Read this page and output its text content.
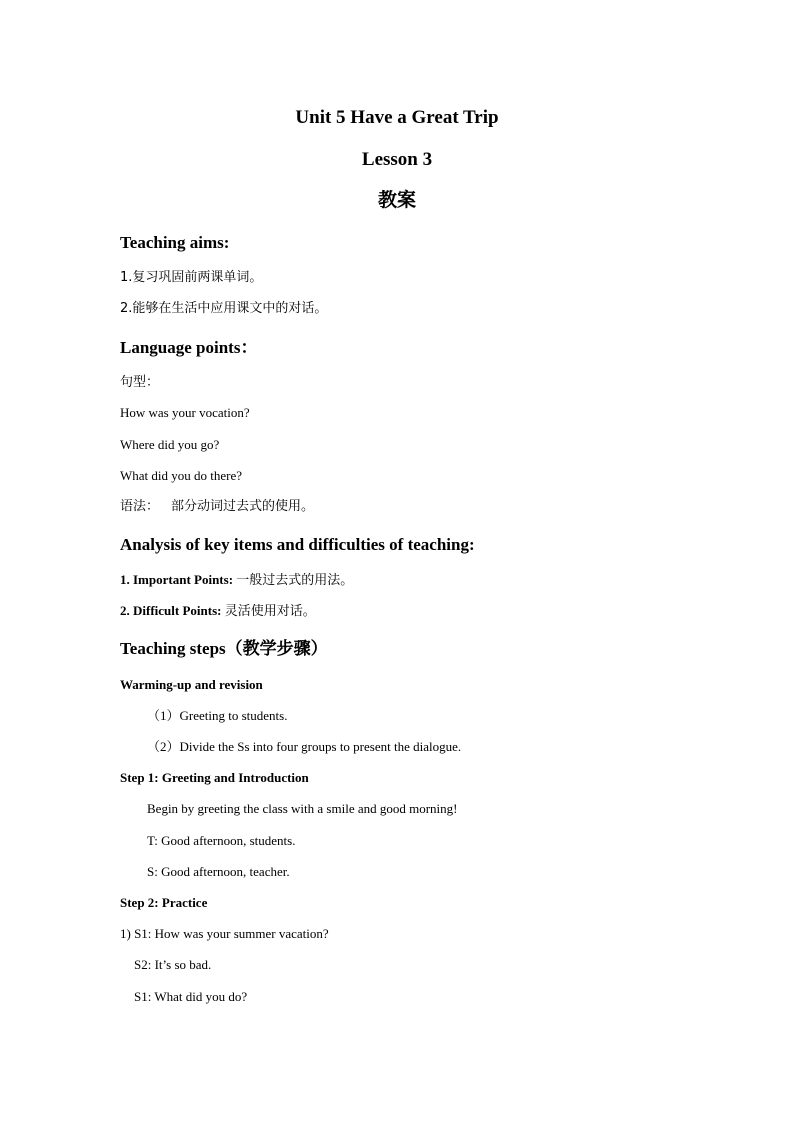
Unit 5 Have a Great Trip
Lesson 3
教案
Teaching aims:
1.复习巩固前两课单词。
2.能够在生活中应用课文中的对话。
Language points：
句型：
How was your vocation?
Where did you go?
What did you do there?
语法： 部分动词过去式的使用。
Analysis of key items and difficulties of teaching:
1. Important Points: 一般过去式的用法。
2. Difficult Points: 灵活使用对话。
Teaching steps（教学步骤）
Warming-up and revision
（1）Greeting to students.
（2）Divide the Ss into four groups to present the dialogue.
Step 1: Greeting and Introduction
Begin by greeting the class with a smile and good morning!
T: Good afternoon, students.
S: Good afternoon, teacher.
Step 2: Practice
1) S1: How was your summer vacation?
S2: It’s so bad.
S1: What did you do?
